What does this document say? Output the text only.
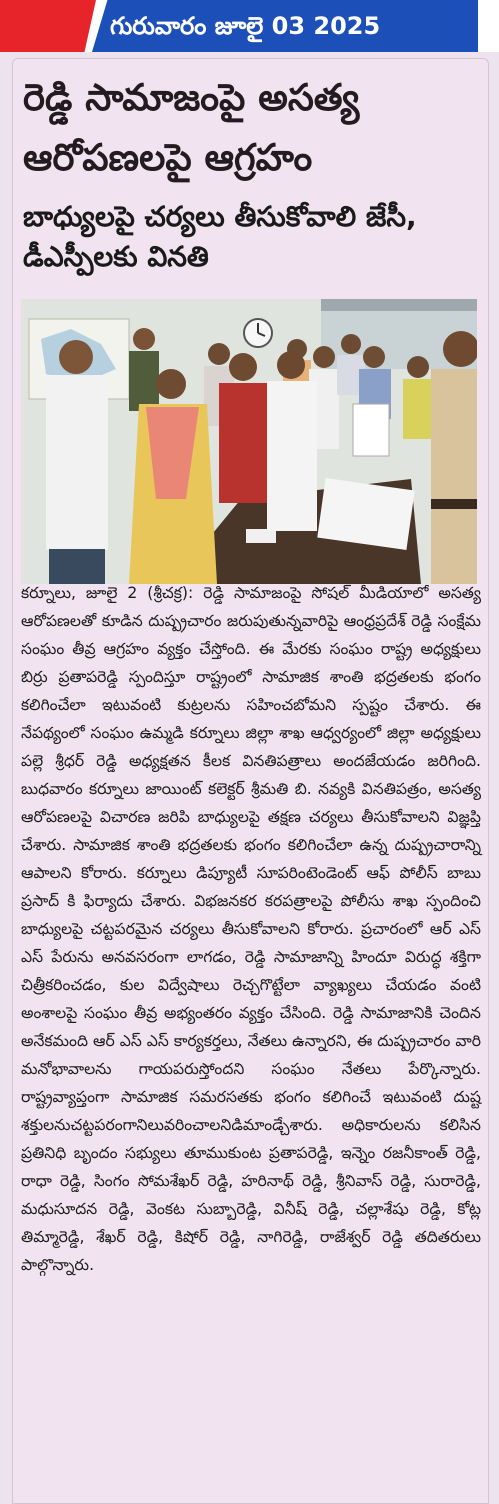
గురువారం జూలై 03 2025
రెడ్డి సామాజంపై అసత్య ఆరోపణలపై ఆగ్రహం
బాధ్యులపై చర్యలు తీసుకోవాలి జేసీ, డీఎస్పీలకు వినతి
కర్నూలు, జూలై 2 (శ్రీచక్ర): రెడ్డి సామాజంపై సోషల్ మీడియాలో అసత్య ఆరోపణలతో కూడిన దుష్ప్రచారం జరుపుతున్నవారిపై ఆంధ్రప్రదేశ్ రెడ్డి సంక్షేమ సంఘం తీవ్ర ఆగ్రహం వ్యక్తం చేస్తోంది. ఈ మేరకు సంఘం రాష్ట్ర అధ్యక్షులు బిర్రు ప్రతాపరెడ్డి స్పందిస్తూ రాష్ట్రంలో సామాజిక శాంతి భద్రతలకు భంగం కలిగించేలా ఇటువంటి కుట్రలను సహించబోమని స్పష్టం చేశారు. ఈ నేపథ్యంలో సంఘం ఉమ్మడి కర్నూలు జిల్లా శాఖ ఆధ్వర్యంలో జిల్లా అధ్యక్షులు పల్లె శ్రీధర్ రెడ్డి అధ్యక్షతన కీలక వినతిపత్రాలు అందజేయడం జరిగింది. బుధవారం కర్నూలు జాయింట్ కలెక్టర్ శ్రీమతి బి. నవ్యకి వినతిపత్రం, అసత్య ఆరోపణలపై విచారణ జరిపి బాధ్యులపై తక్షణ చర్యలు తీసుకోవాలని విజ్ఞప్తి చేశారు. సామాజిక శాంతి భద్రతలకు భంగం కలిగించేలా ఉన్న దుష్ప్రచారాన్ని ఆపాలని కోరారు. కర్నూలు డిప్యూటీ సూపరింటెండెంట్ ఆఫ్ పోలీస్ బాబు ప్రసాద్ కి ఫిర్యాదు చేశారు. విభజనకర కరపత్రాలపై పోలీసు శాఖ స్పందించి బాధ్యులపై చట్టపరమైన చర్యలు తీసుకోవాలని కోరారు. ప్రచారంలో ఆర్ ఎస్ ఎస్ పేరును అనవసరంగా లాగడం, రెడ్డి సామాజాన్ని హిందూ విరుద్ధ శక్తిగా చిత్రీకరించడం, కుల విద్వేషాలు రెచ్చగొట్టేలా వ్యాఖ్యలు చేయడం వంటి అంశాలపై సంఘం తీవ్ర అభ్యంతరం వ్యక్తం చేసింది. రెడ్డి సామాజానికి చెందిన అనేకమంది ఆర్ ఎస్ ఎస్ కార్యకర్తలు, నేతలు ఉన్నారని, ఈ దుష్ప్రచారం వారి మనోభావాలను గాయపరుస్తోందని సంఘం నేతలు పేర్కొన్నారు. రాష్ట్రవ్యాప్తంగా సామాజిక సమరసతకు భంగం కలిగించే ఇటువంటి దుష్ట శక్తులనుచట్టపరంగానిలువరించాలనిడిమాండ్చేశారు. అధికారులను కలిసిన ప్రతినిధి బృందం సభ్యులు తూముకుంట ప్రతాపరెడ్డి, ఇన్నెం రజనీకాంత్ రెడ్డి, రాధా రెడ్డి, సింగం సోమశేఖర్ రెడ్డి, హరినాథ్ రెడ్డి, శ్రీనివాస్ రెడ్డి, సురారెడ్డి, మధుసూదన రెడ్డి, వెంకట సుబ్బారెడ్డి, వినీష్ రెడ్డి, చల్లాశేషు రెడ్డి, కోట్ల తిమ్మారెడ్డి, శేఖర్ రెడ్డి, కిషోర్ రెడ్డి, నాగిరెడ్డి, రాజేశ్వర్ రెడ్డి తదితరులు పాల్గొన్నారు.
